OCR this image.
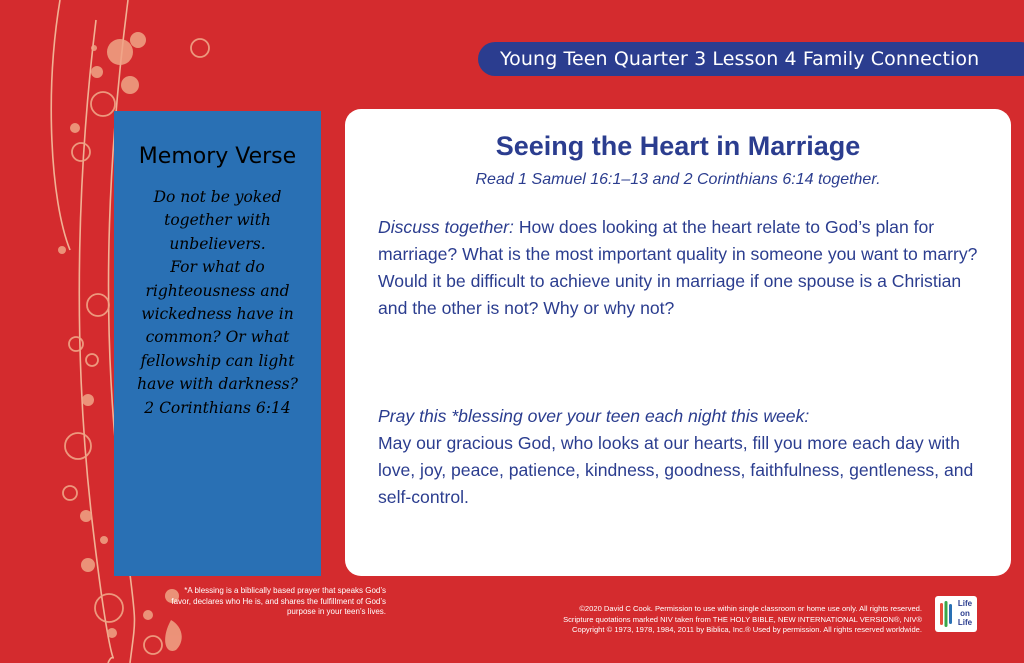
Young Teen Quarter 3 Lesson 4 Family Connection
Memory Verse
Do not be yoked
together with
unbelievers.
For what do
righteousness and
wickedness have in
common? Or what
fellowship can light
have with darkness?
2 Corinthians 6:14
Seeing the Heart in Marriage
Read 1 Samuel 16:1–13 and 2 Corinthians 6:14 together.
Discuss together: How does looking at the heart relate to God’s plan for marriage? What is the most important quality in someone you want to marry? Would it be difficult to achieve unity in marriage if one spouse is a Christian and the other is not? Why or why not?
Pray this *blessing over your teen each night this week:
May our gracious God, who looks at our hearts, fill you more each day with love, joy, peace, patience, kindness, goodness, faithfulness, gentleness, and self-control.
*A blessing is a biblically based prayer that speaks God’s favor, declares who He is, and shares the fulfillment of God’s purpose in your teen’s lives.	©2020 David C Cook. Permission to use within single classroom or home use only. All rights reserved.
Scripture quotations marked NIV taken from THE HOLY BIBLE, NEW INTERNATIONAL VERSION®, NIV®
Copyright © 1973, 1978, 1984, 2011 by Biblica, Inc.® Used by permission. All rights reserved worldwide.
Life
on
Life
